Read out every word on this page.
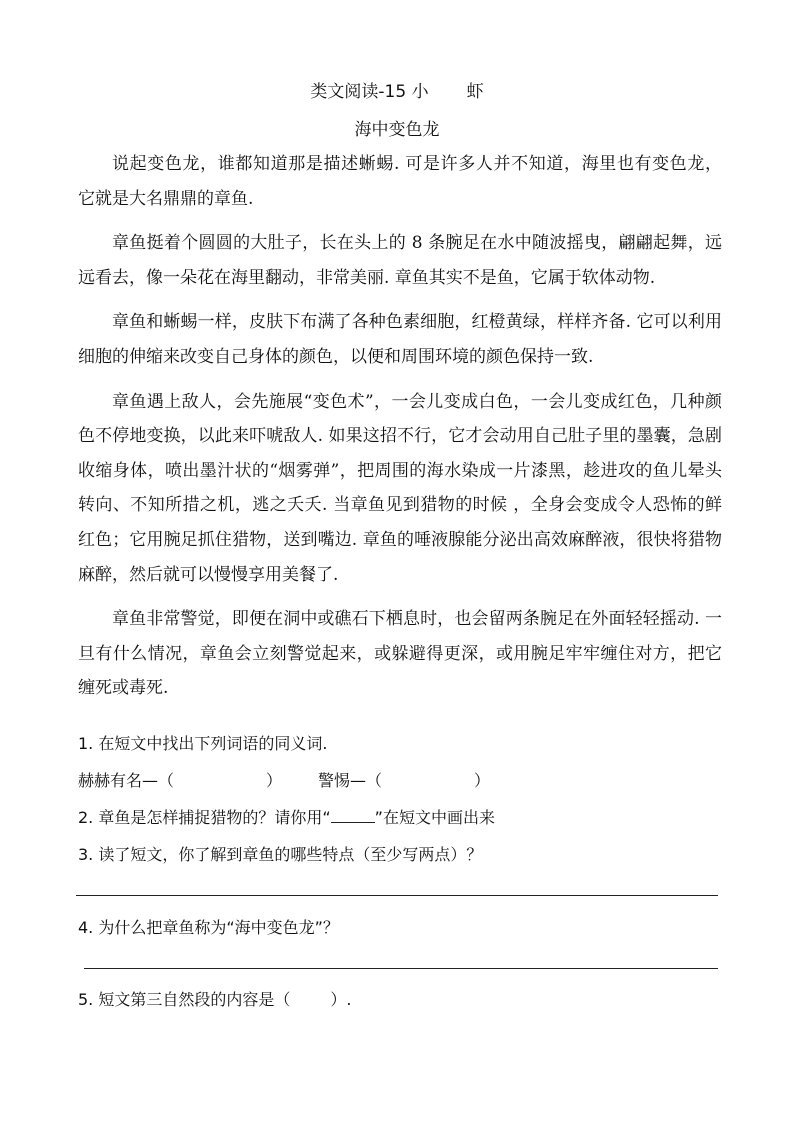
类文阅读-15 小 虾
海中变色龙

说起变色龙，谁都知道那是描述蜥蜴. 可是许多人并不知道，海里也有变色龙， 它就是大名鼎鼎的章鱼.

章鱼挺着个圆圆的大肚子，长在头上的 8 条腕足在水中随波摇曳，翩翩起舞，远远看去，像一朵花在海里翻动，非常美丽. 章鱼其实不是鱼，它属于软体动物.

章鱼和蜥蜴一样，皮肤下布满了各种色素细胞，红橙黄绿，样样齐备. 它可以利用细胞的伸缩来改变自己身体的颜色，以便和周围环境的颜色保持一致.

章鱼遇上敌人，会先施展“变色术”，一会儿变成白色，一会儿变成红色，几种颜色不停地变换，以此来吓唬敌人. 如果这招不行，它才会动用自己肚子里的墨囊，急剧收缩身体，喷出墨汁状的“烟雾弹”，把周围的海水染成一片漆黑，趁进攻的鱼儿晕头转向、不知所措之机，逃之夭夭. 当章鱼见到猎物的时候 ，全身会变成令人恐怖的鲜红色；它用腕足抓住猎物，送到嘴边. 章鱼的唾液腺能分泌出高效麻醉液，很快将猎物麻醉，然后就可以慢慢享用美餐了.

章鱼非常警觉，即便在洞中或礁石下栖息时，也会留两条腕足在外面轻轻摇动. 一旦有什么情况，章鱼会立刻警觉起来，或躲避得更深，或用腕足牢牢缠住对方，把它缠死或毒死.

1. 在短文中找出下列词语的同义词.
赫赫有名—（	） 警惕—（	）
2. 章鱼是怎样捕捉猎物的？请你用“	”在短文中画出来
3. 读了短文，你了解到章鱼的哪些特点（至少写两点）？
4. 为什么把章鱼称为“海中变色龙”？
5. 短文第三自然段的内容是（	）.
